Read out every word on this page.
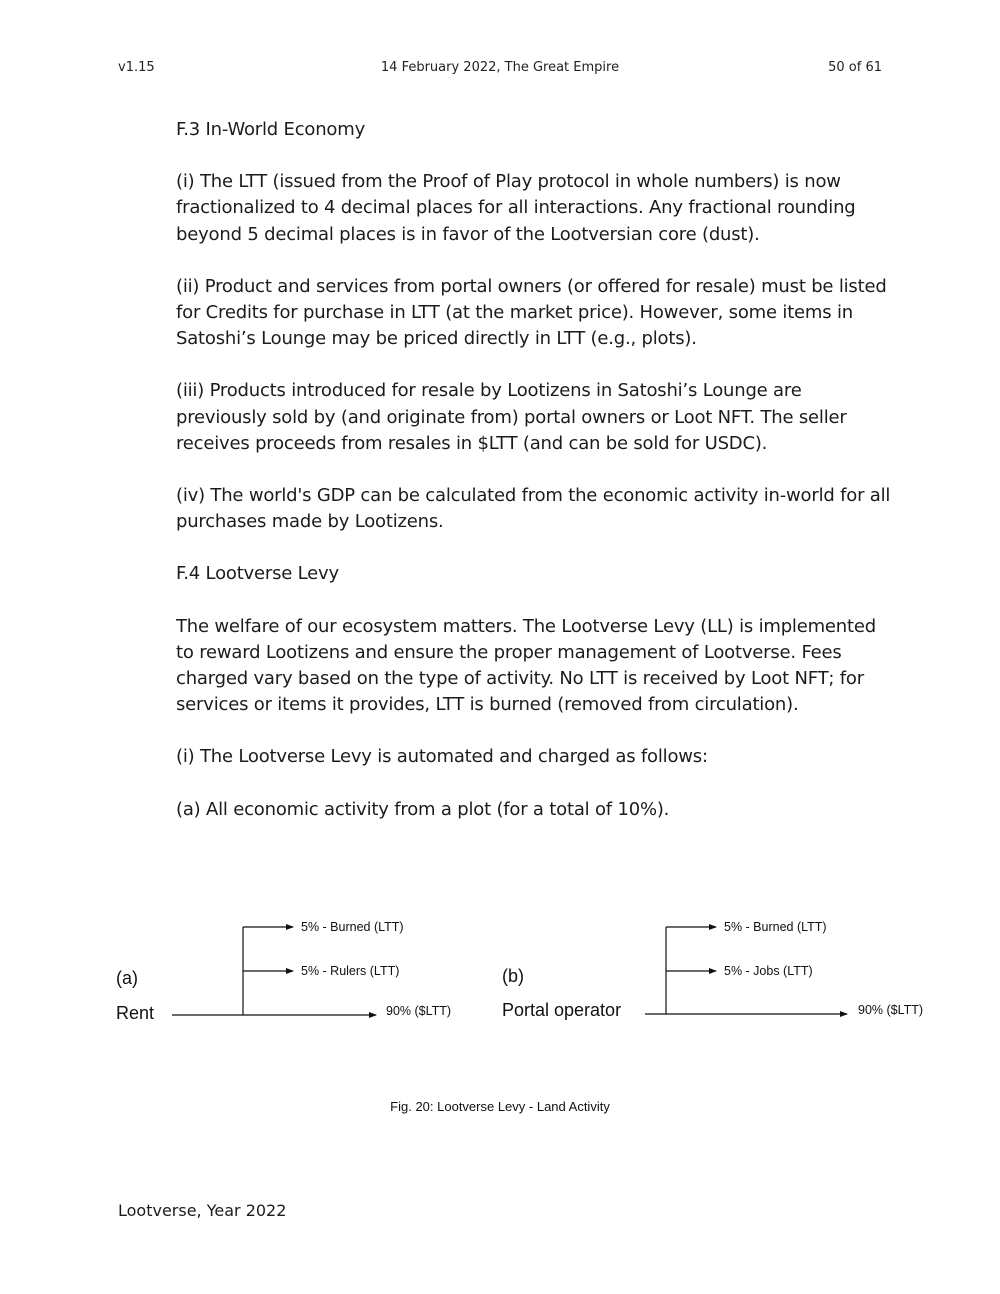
v1.15	14 February 2022, The Great Empire	50 of 61

F.3 In-World Economy

(i) The LTT (issued from the Proof of Play protocol in whole numbers) is now fractionalized to 4 decimal places for all interactions. Any fractional rounding beyond 5 decimal places is in favor of the Lootversian core (dust).

(ii) Product and services from portal owners (or offered for resale) must be listed for Credits for purchase in LTT (at the market price). However, some items in Satoshi’s Lounge may be priced directly in LTT (e.g., plots).

(iii) Products introduced for resale by Lootizens in Satoshi’s Lounge are previously sold by (and originate from) portal owners or Loot NFT. The seller receives proceeds from resales in $LTT (and can be sold for USDC).

(iv) The world's GDP can be calculated from the economic activity in-world for all purchases made by Lootizens.

F.4 Lootverse Levy

The welfare of our ecosystem matters. The Lootverse Levy (LL) is implemented to reward Lootizens and ensure the proper management of Lootverse. Fees charged vary based on the type of activity. No LTT is received by Loot NFT; for services or items it provides, LTT is burned (removed from circulation).

(i) The Lootverse Levy is automated and charged as follows:

(a) All economic activity from a plot (for a total of 10%).

5% - Burned (LTT)
5% - Rulers (LTT)
90% ($LTT)
(a)
Rent
5% - Burned (LTT)
5% - Jobs (LTT)
90% ($LTT)
(b)
Portal operator
Fig. 20: Lootverse Levy - Land Activity
Lootverse, Year 2022
